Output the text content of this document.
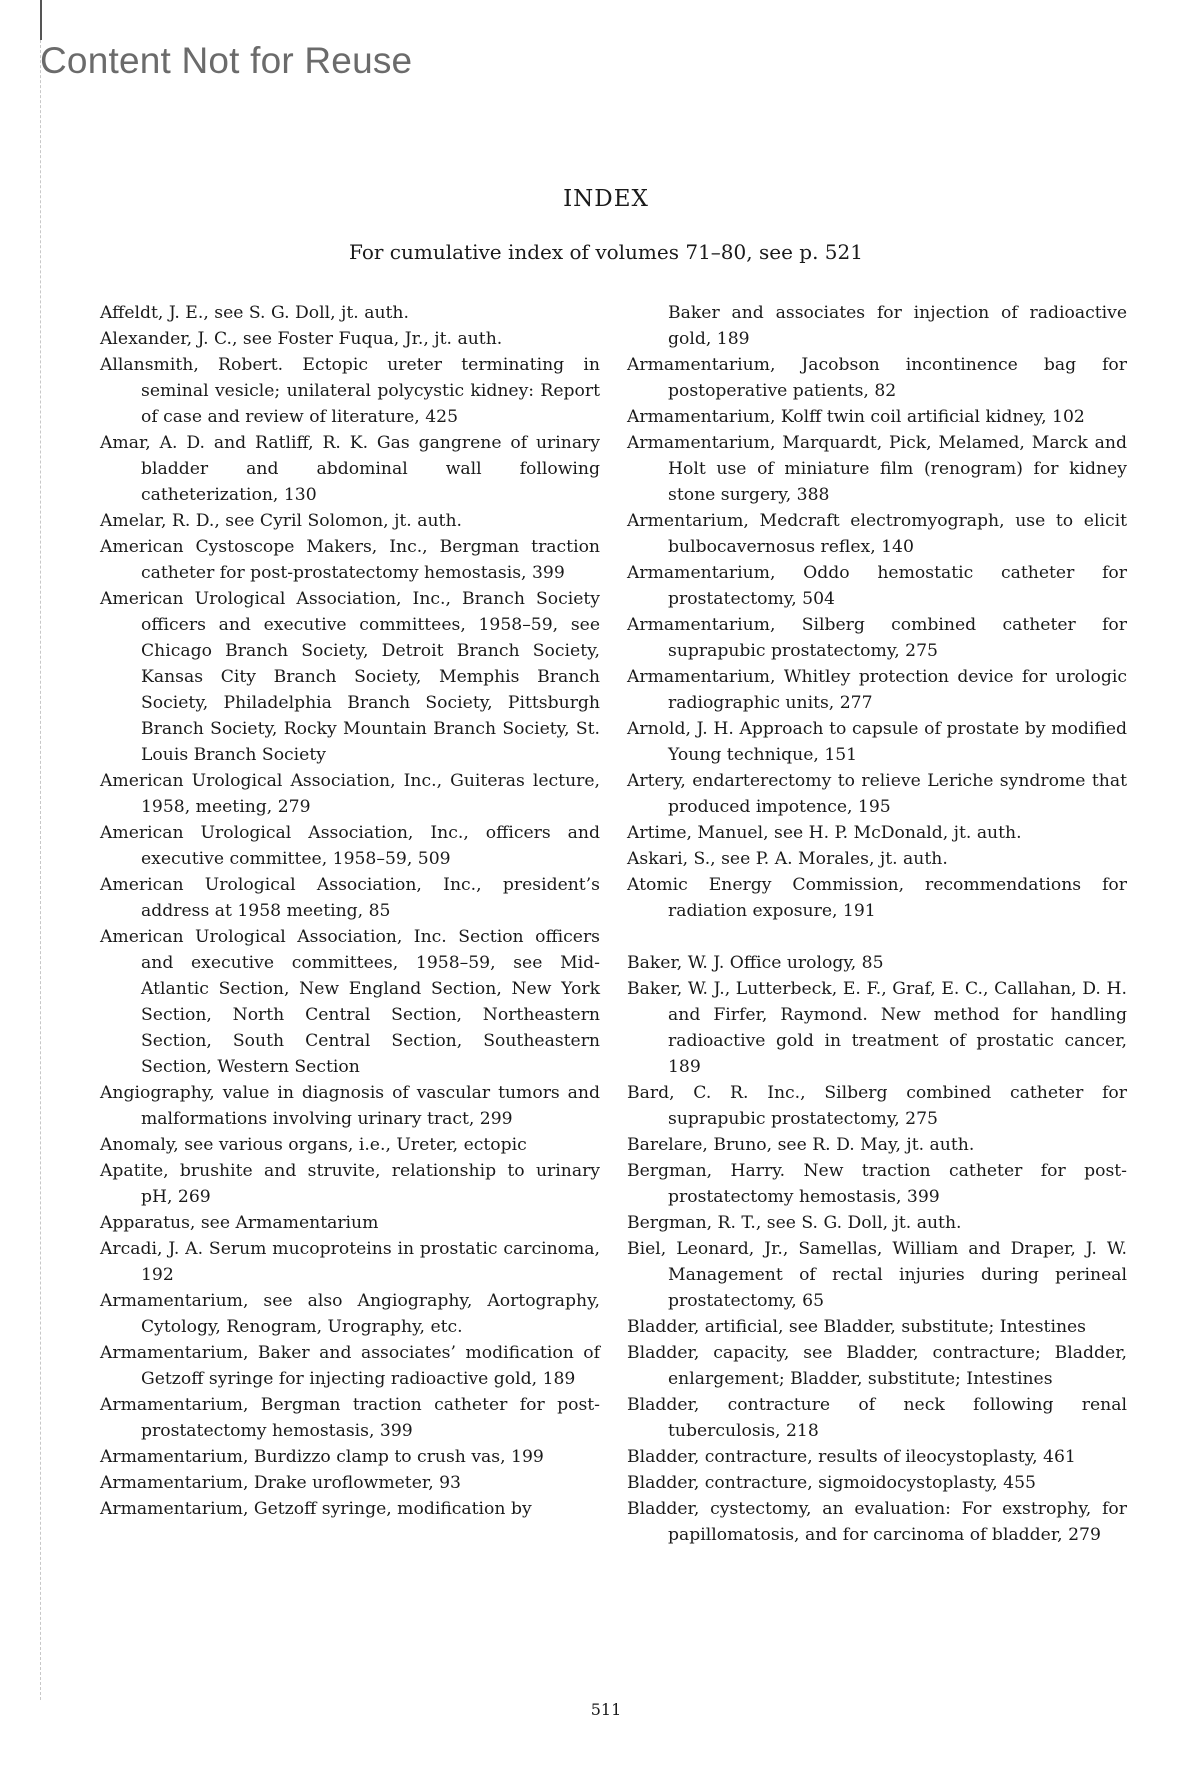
Content Not for Reuse
INDEX
For cumulative index of volumes 71–80, see p. 521

Affeldt, J. E., see S. G. Doll, jt. auth.

Alexander, J. C., see Foster Fuqua, Jr., jt. auth.

Allansmith, Robert. Ectopic ureter terminating in seminal vesicle; unilateral polycystic kidney: Report of case and review of literature, 425

Amar, A. D. and Ratliff, R. K. Gas gangrene of urinary bladder and abdominal wall following catheterization, 130

Amelar, R. D., see Cyril Solomon, jt. auth.

American Cystoscope Makers, Inc., Bergman traction catheter for post-prostatectomy hemostasis, 399

American Urological Association, Inc., Branch Society officers and executive committees, 1958–59, see Chicago Branch Society, Detroit Branch Society, Kansas City Branch Society, Memphis Branch Society, Philadelphia Branch Society, Pittsburgh Branch Society, Rocky Mountain Branch Society, St. Louis Branch Society

American Urological Association, Inc., Guiteras lecture, 1958, meeting, 279

American Urological Association, Inc., officers and executive committee, 1958–59, 509

American Urological Association, Inc., president’s address at 1958 meeting, 85

American Urological Association, Inc. Section officers and executive committees, 1958–59, see Mid-Atlantic Section, New England Section, New York Section, North Central Section, Northeastern Section, South Central Section, Southeastern Section, Western Section

Angiography, value in diagnosis of vascular tumors and malformations involving urinary tract, 299

Anomaly, see various organs, i.e., Ureter, ectopic

Apatite, brushite and struvite, relationship to urinary pH, 269

Apparatus, see Armamentarium

Arcadi, J. A. Serum mucoproteins in prostatic carcinoma, 192

Armamentarium, see also Angiography, Aortography, Cytology, Renogram, Urography, etc.

Armamentarium, Baker and associates’ modification of Getzoff syringe for injecting radioactive gold, 189

Armamentarium, Bergman traction catheter for post-prostatectomy hemostasis, 399

Armamentarium, Burdizzo clamp to crush vas, 199

Armamentarium, Drake uroflowmeter, 93

Armamentarium, Getzoff syringe, modification by

Baker and associates for injection of radioactive gold, 189

Armamentarium, Jacobson incontinence bag for postoperative patients, 82

Armamentarium, Kolff twin coil artificial kidney, 102

Armamentarium, Marquardt, Pick, Melamed, Marck and Holt use of miniature film (renogram) for kidney stone surgery, 388

Armentarium, Medcraft electromyograph, use to elicit bulbocavernosus reflex, 140

Armamentarium, Oddo hemostatic catheter for prostatectomy, 504

Armamentarium, Silberg combined catheter for suprapubic prostatectomy, 275

Armamentarium, Whitley protection device for urologic radiographic units, 277

Arnold, J. H. Approach to capsule of prostate by modified Young technique, 151

Artery, endarterectomy to relieve Leriche syndrome that produced impotence, 195

Artime, Manuel, see H. P. McDonald, jt. auth.

Askari, S., see P. A. Morales, jt. auth.

Atomic Energy Commission, recommendations for radiation exposure, 191

Baker, W. J. Office urology, 85

Baker, W. J., Lutterbeck, E. F., Graf, E. C., Callahan, D. H. and Firfer, Raymond. New method for handling radioactive gold in treatment of prostatic cancer, 189

Bard, C. R. Inc., Silberg combined catheter for suprapubic prostatectomy, 275

Barelare, Bruno, see R. D. May, jt. auth.

Bergman, Harry. New traction catheter for post-prostatectomy hemostasis, 399

Bergman, R. T., see S. G. Doll, jt. auth.

Biel, Leonard, Jr., Samellas, William and Draper, J. W. Management of rectal injuries during perineal prostatectomy, 65

Bladder, artificial, see Bladder, substitute; Intestines

Bladder, capacity, see Bladder, contracture; Bladder, enlargement; Bladder, substitute; Intestines

Bladder, contracture of neck following renal tuberculosis, 218

Bladder, contracture, results of ileocystoplasty, 461

Bladder, contracture, sigmoidocystoplasty, 455

Bladder, cystectomy, an evaluation: For exstrophy, for papillomatosis, and for carcinoma of bladder, 279

511
